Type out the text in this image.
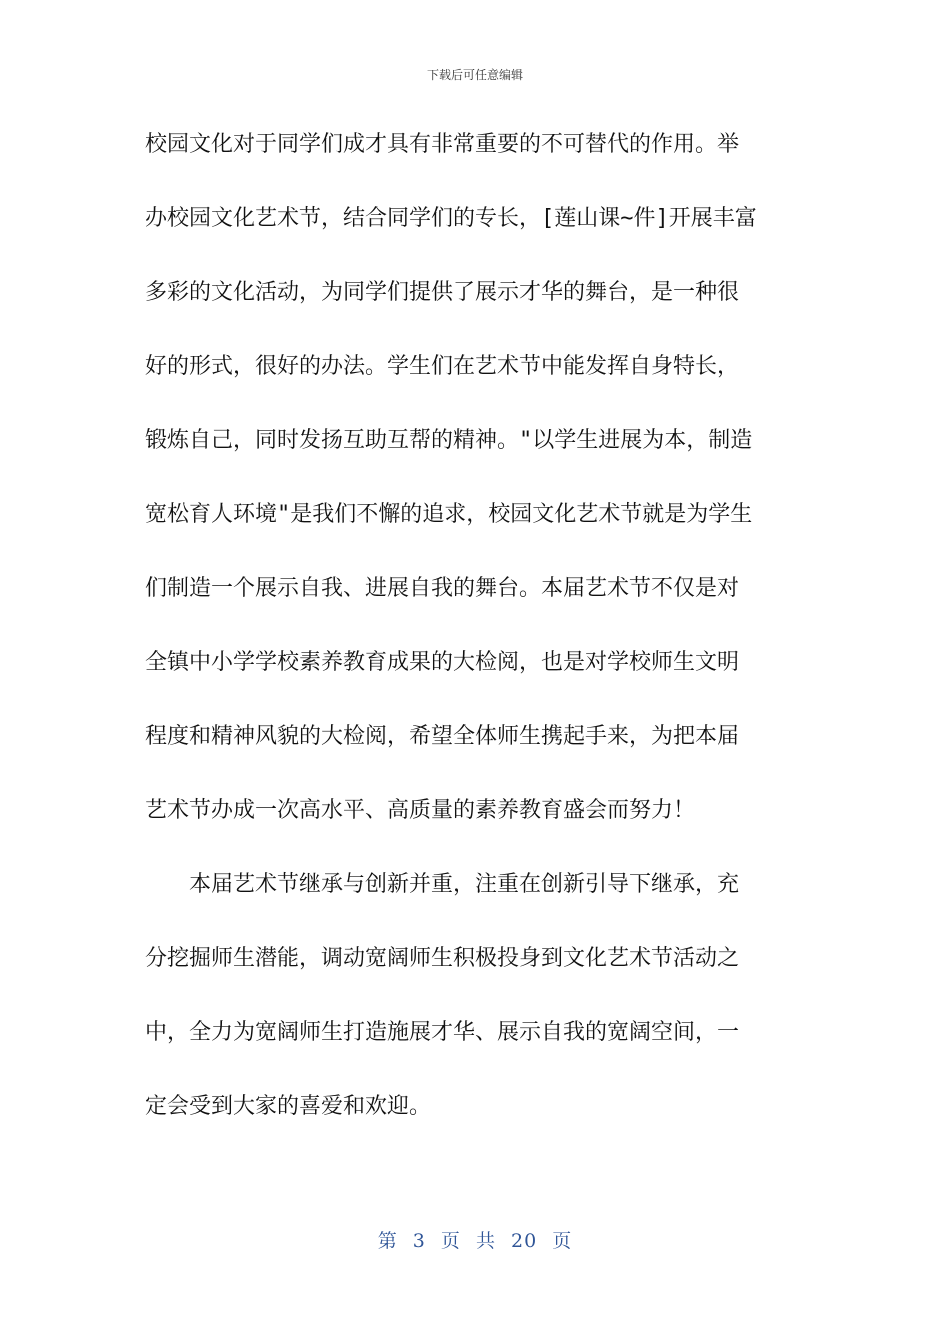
下载后可任意编辑
校园文化对于同学们成才具有非常重要的不可替代的作用。举
办校园文化艺术节，结合同学们的专长，[莲山课~件]开展丰富
多彩的文化活动，为同学们提供了展示才华的舞台，是一种很
好的形式，很好的办法。学生们在艺术节中能发挥自身特长，
锻炼自己，同时发扬互助互帮的精神。"以学生进展为本，制造
宽松育人环境"是我们不懈的追求，校园文化艺术节就是为学生
们制造一个展示自我、进展自我的舞台。本届艺术节不仅是对
全镇中小学学校素养教育成果的大检阅，也是对学校师生文明
程度和精神风貌的大检阅，希望全体师生携起手来，为把本届
艺术节办成一次高水平、高质量的素养教育盛会而努力！
　　本届艺术节继承与创新并重，注重在创新引导下继承，充
分挖掘师生潜能，调动宽阔师生积极投身到文化艺术节活动之
中，全力为宽阔师生打造施展才华、展示自我的宽阔空间，一
定会受到大家的喜爱和欢迎。
第 3 页 共 20 页
